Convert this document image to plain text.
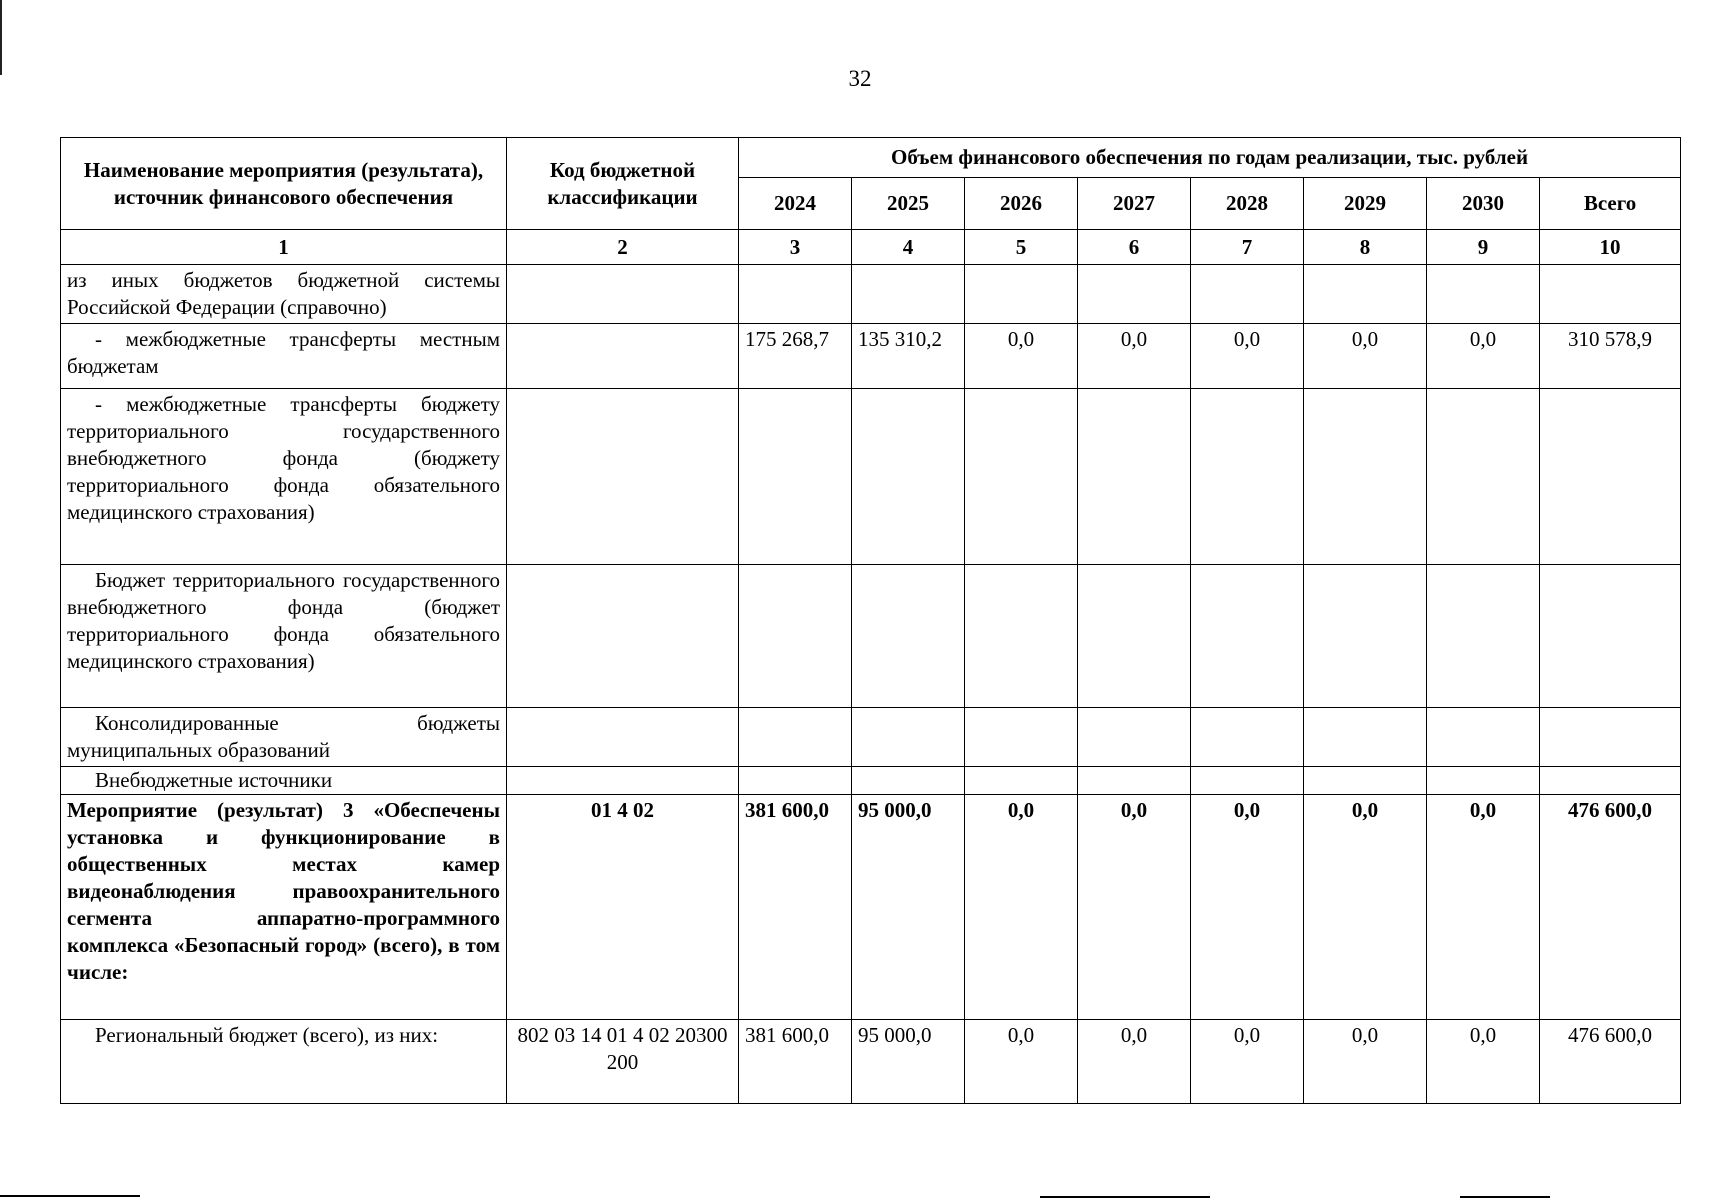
32
Наименование мероприятия (результата), источник финансового обеспечения	Код бюджетной классификации	Объем финансового обеспечения по годам реализации, тыс. рублей							
		2024	2025	2026	2027	2028	2029	2030	Всего
1	2	3	4	5	6	7	8	9	10
из иных бюджетов бюджетной системы Российской Федерации (справочно)									
- межбюджетные трансферты местным бюджетам		175 268,7	135 310,2	0,0	0,0	0,0	0,0	0,0	310 578,9
- межбюджетные трансферты бюджету территориального государственного внебюджетного фонда (бюджету территориального фонда обязательного медицинского страхования)									
Бюджет территориального государственного внебюджетного фонда (бюджет территориального фонда обязательного медицинского страхования)									
Консолидированные бюджеты муниципальных образований									
Внебюджетные источники									
Мероприятие (результат) 3 «Обеспечены установка и функционирование в общественных местах камер видеонаблюдения правоохранительного сегмента аппаратно-программного комплекса «Безопасный город» (всего), в том числе:	01 4 02	381 600,0	95 000,0	0,0	0,0	0,0	0,0	0,0	476 600,0
Региональный бюджет (всего), из них:	802 03 14 01 4 02 20300 200	381 600,0	95 000,0	0,0	0,0	0,0	0,0	0,0	476 600,0
